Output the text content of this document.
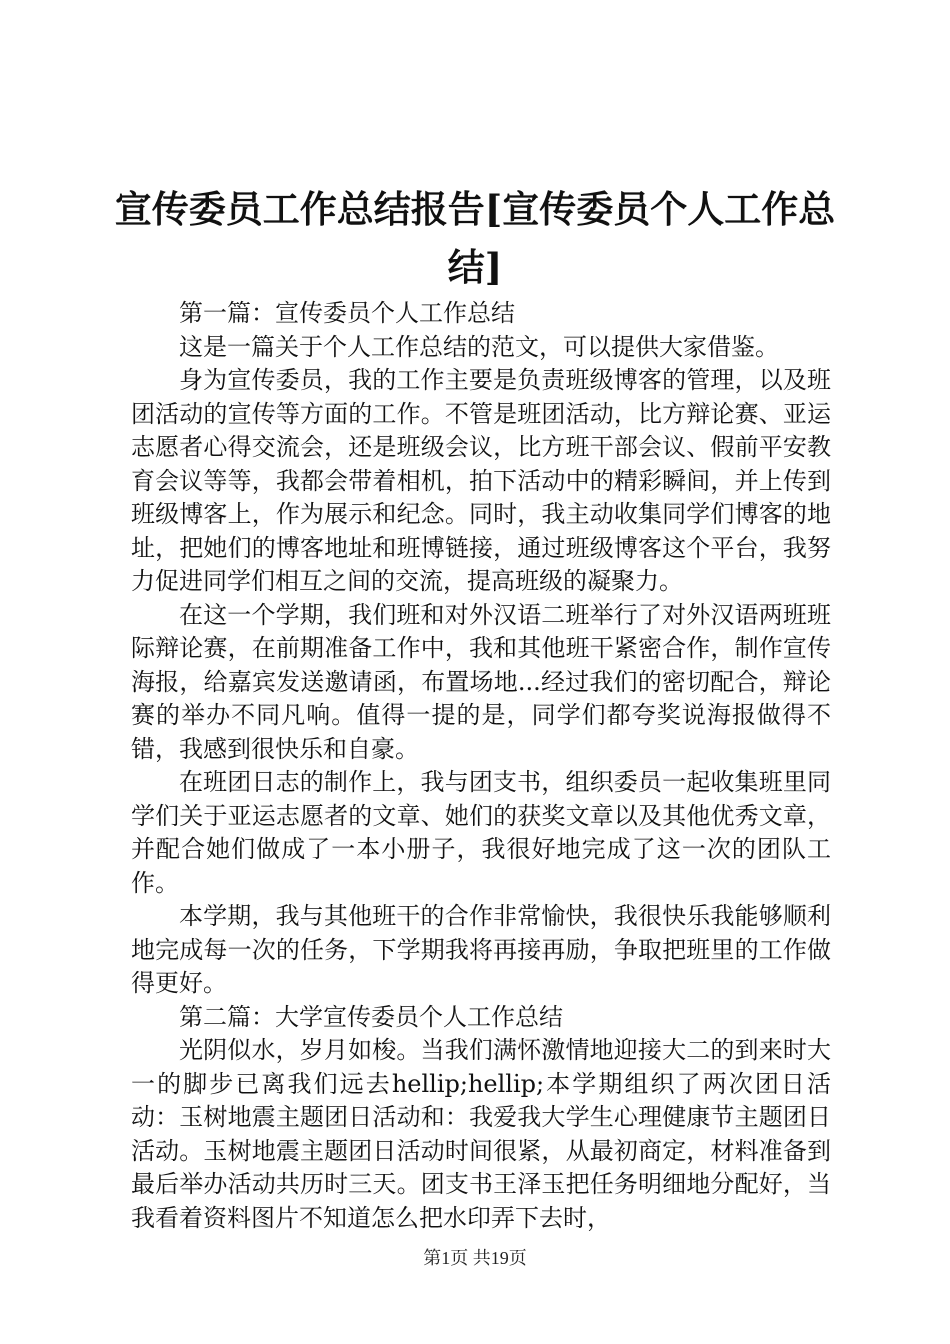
宣传委员工作总结报告[宣传委员个人工作总
结]

第一篇：宣传委员个人工作总结

这是一篇关于个人工作总结的范文，可以提供大家借鉴。

身为宣传委员，我的工作主要是负责班级博客的管理，以及班团活动的宣传等方面的工作。不管是班团活动，比方辩论赛、亚运志愿者心得交流会，还是班级会议，比方班干部会议、假前平安教育会议等等，我都会带着相机，拍下活动中的精彩瞬间，并上传到班级博客上，作为展示和纪念。同时，我主动收集同学们博客的地址，把她们的博客地址和班博链接，通过班级博客这个平台，我努力促进同学们相互之间的交流，提高班级的凝聚力。

在这一个学期，我们班和对外汉语二班举行了对外汉语两班班际辩论赛，在前期准备工作中，我和其他班干紧密合作，制作宣传海报，给嘉宾发送邀请函，布置场地...经过我们的密切配合，辩论赛的举办不同凡响。值得一提的是，同学们都夸奖说海报做得不错，我感到很快乐和自豪。

在班团日志的制作上，我与团支书，组织委员一起收集班里同学们关于亚运志愿者的文章、她们的获奖文章以及其他优秀文章，并配合她们做成了一本小册子，我很好地完成了这一次的团队工作。

本学期，我与其他班干的合作非常愉快，我很快乐我能够顺利地完成每一次的任务，下学期我将再接再励，争取把班里的工作做得更好。

第二篇：大学宣传委员个人工作总结

光阴似水，岁月如梭。当我们满怀激情地迎接大二的到来时大一的脚步已离我们远去hellip;hellip;本学期组织了两次团日活动：玉树地震主题团日活动和：我爱我大学生心理健康节主题团日活动。玉树地震主题团日活动时间很紧，从最初商定，材料准备到最后举办活动共历时三天。团支书王泽玉把任务明细地分配好，当我看着资料图片不知道怎么把水印弄下去时，

第1页 共19页
